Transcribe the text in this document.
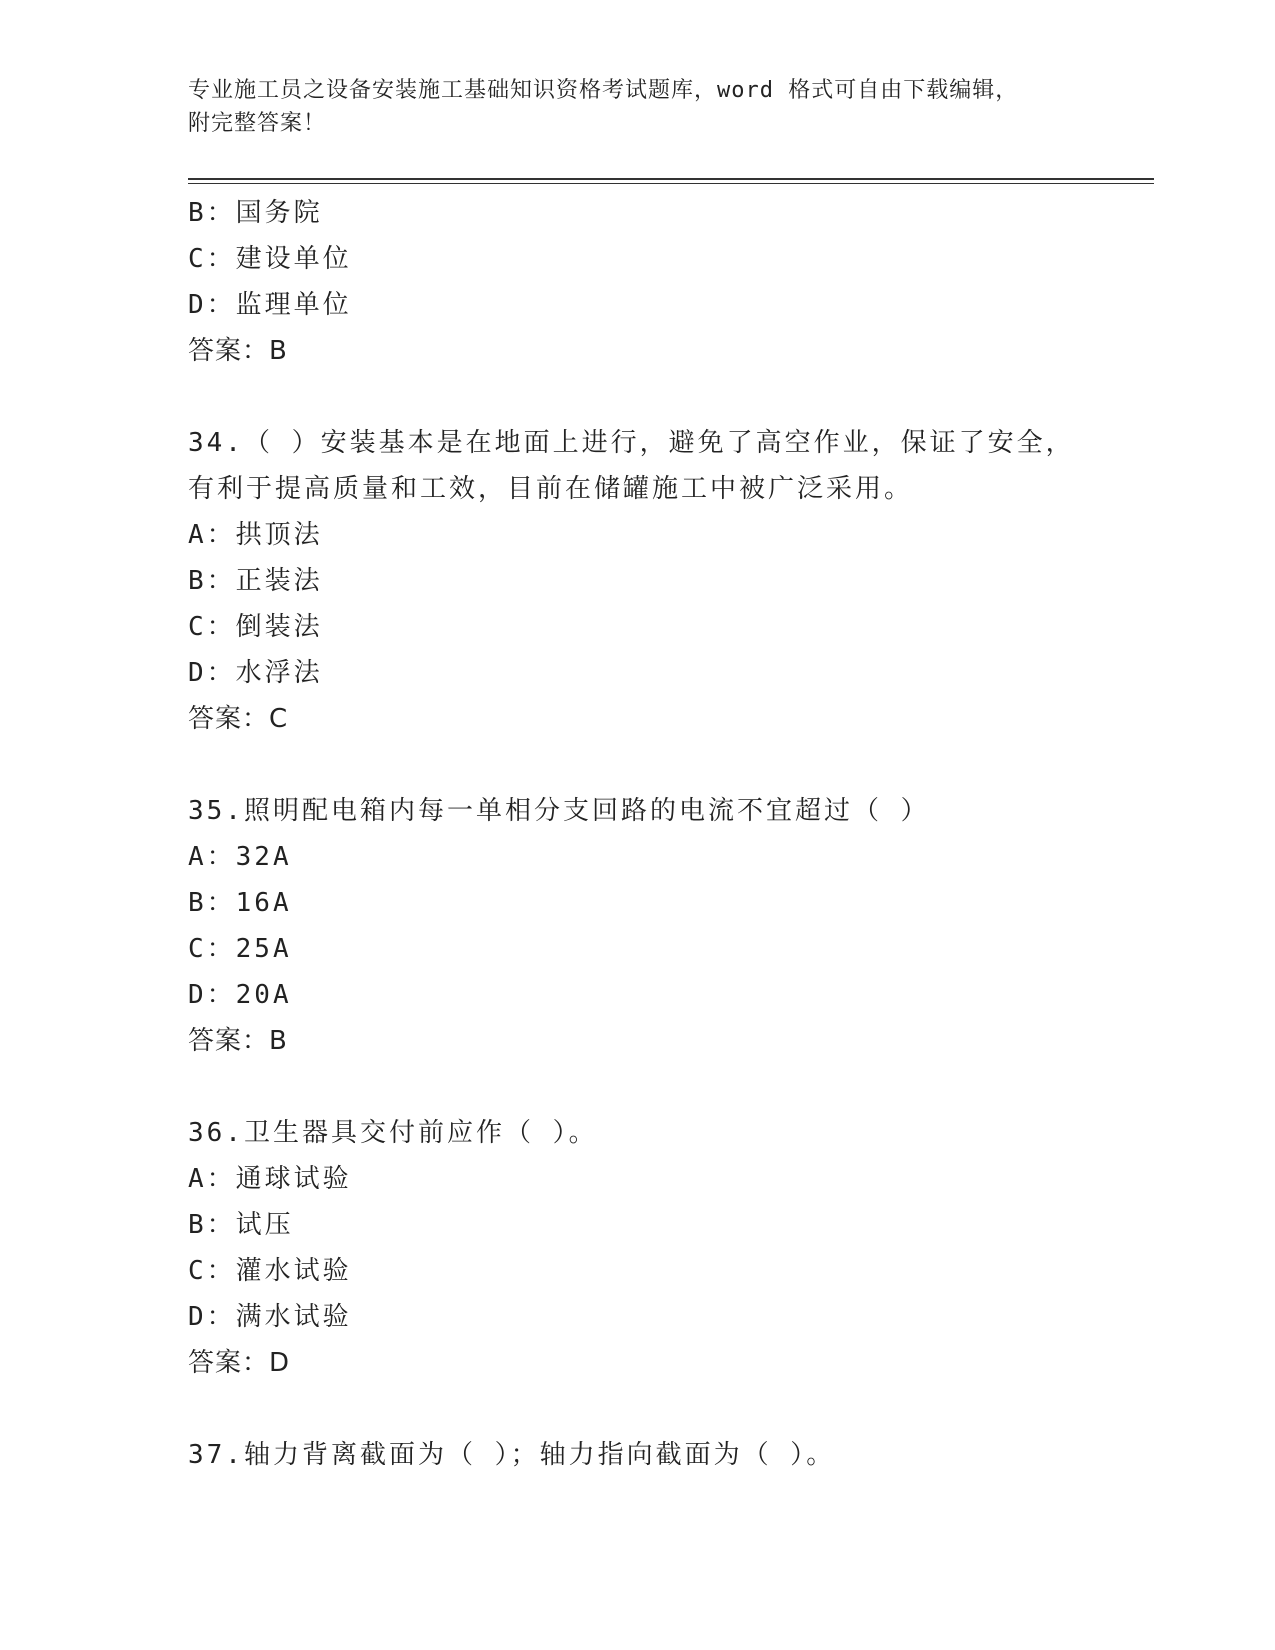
专业施工员之设备安装施工基础知识资格考试题库，word 格式可自由下载编辑，
附完整答案！
B：国务院
C：建设单位
D：监理单位
答案：B
34.（ ）安装基本是在地面上进行，避免了高空作业，保证了安全，
有利于提高质量和工效，目前在储罐施工中被广泛采用。
A：拱顶法
B：正装法
C：倒装法
D：水浮法
答案：C
35.照明配电箱内每一单相分支回路的电流不宜超过（ ）
A：32A
B：16A
C：25A
D：20A
答案：B
36.卫生器具交付前应作（ ）。
A：通球试验
B：试压
C：灌水试验
D：满水试验
答案：D
37.轴力背离截面为（ ）；轴力指向截面为（ ）。
